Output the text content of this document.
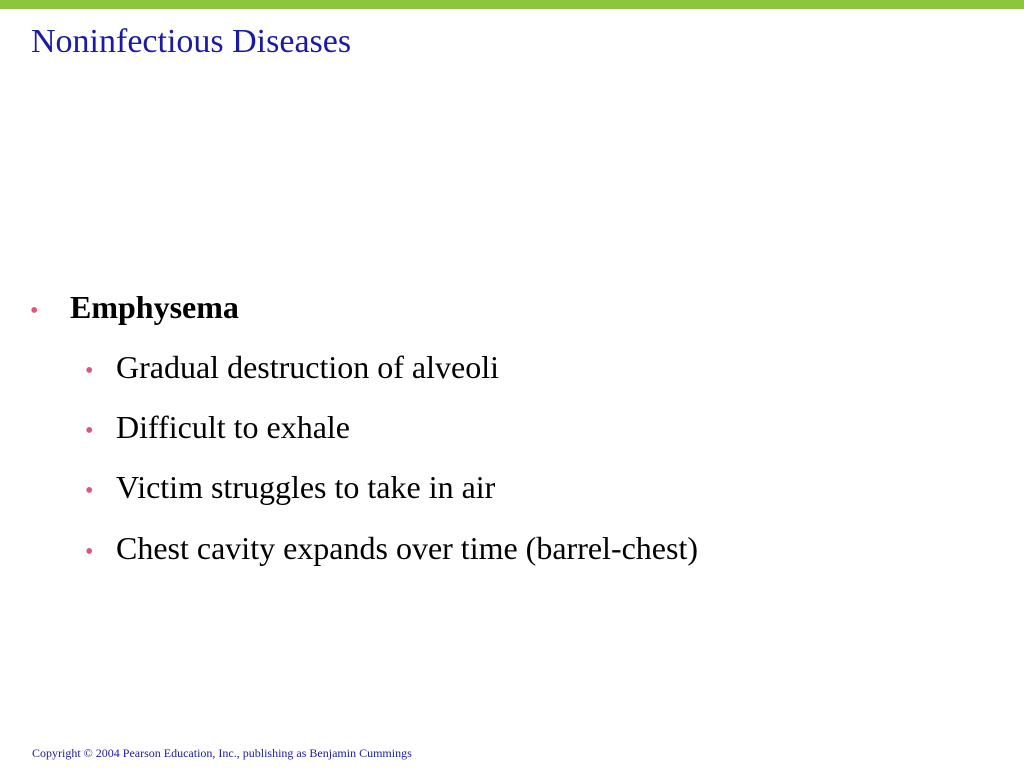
Noninfectious Diseases
• Emphysema
• Gradual destruction of alveoli
• Difficult to exhale
• Victim struggles to take in air
• Chest cavity expands over time (barrel-chest)
Copyright © 2004 Pearson Education, Inc., publishing as Benjamin Cummings
